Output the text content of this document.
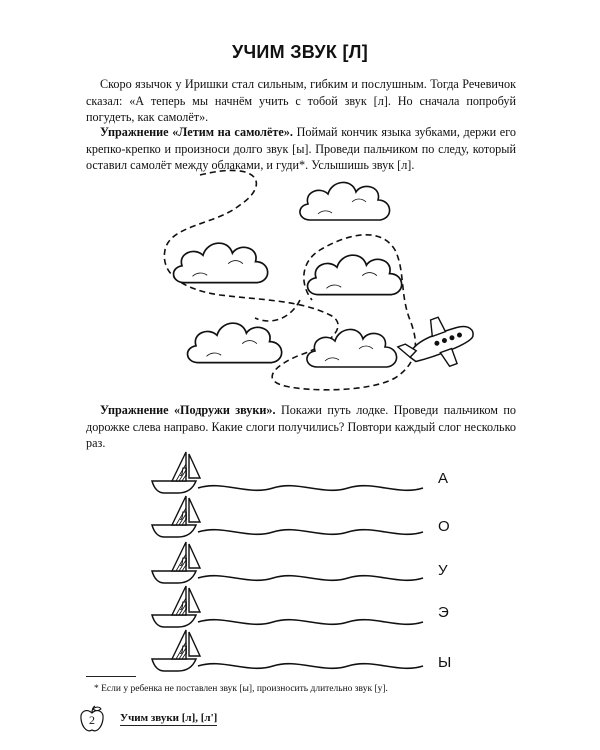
УЧИМ ЗВУК [Л]

Скоро язычок у Иришки стал сильным, гибким и послушным. Тогда Речевичок сказал: «А теперь мы начнём учить с тобой звук [л]. Но сначала попробуй погудеть, как самолёт».

Упражнение «Летим на самолёте». Поймай кончик языка зубками, держи его крепко-крепко и произноси долго звук [ы]. Проведи пальчиком по следу, который оставил самолёт между облаками, и гуди*. Услышишь звук [л].

Упражнение «Подружи звуки». Покажи путь лодке. Проведи пальчиком по дорожке слева направо. Какие слоги получились? Повтори каждый слог несколько раз.

Л	А
Л
О
Л	У
Л	Э
Л
Ы
* Если у ребенка не поставлен звук [ы], произносить длительно звук [у].
2	Учим звуки [л], [л']
